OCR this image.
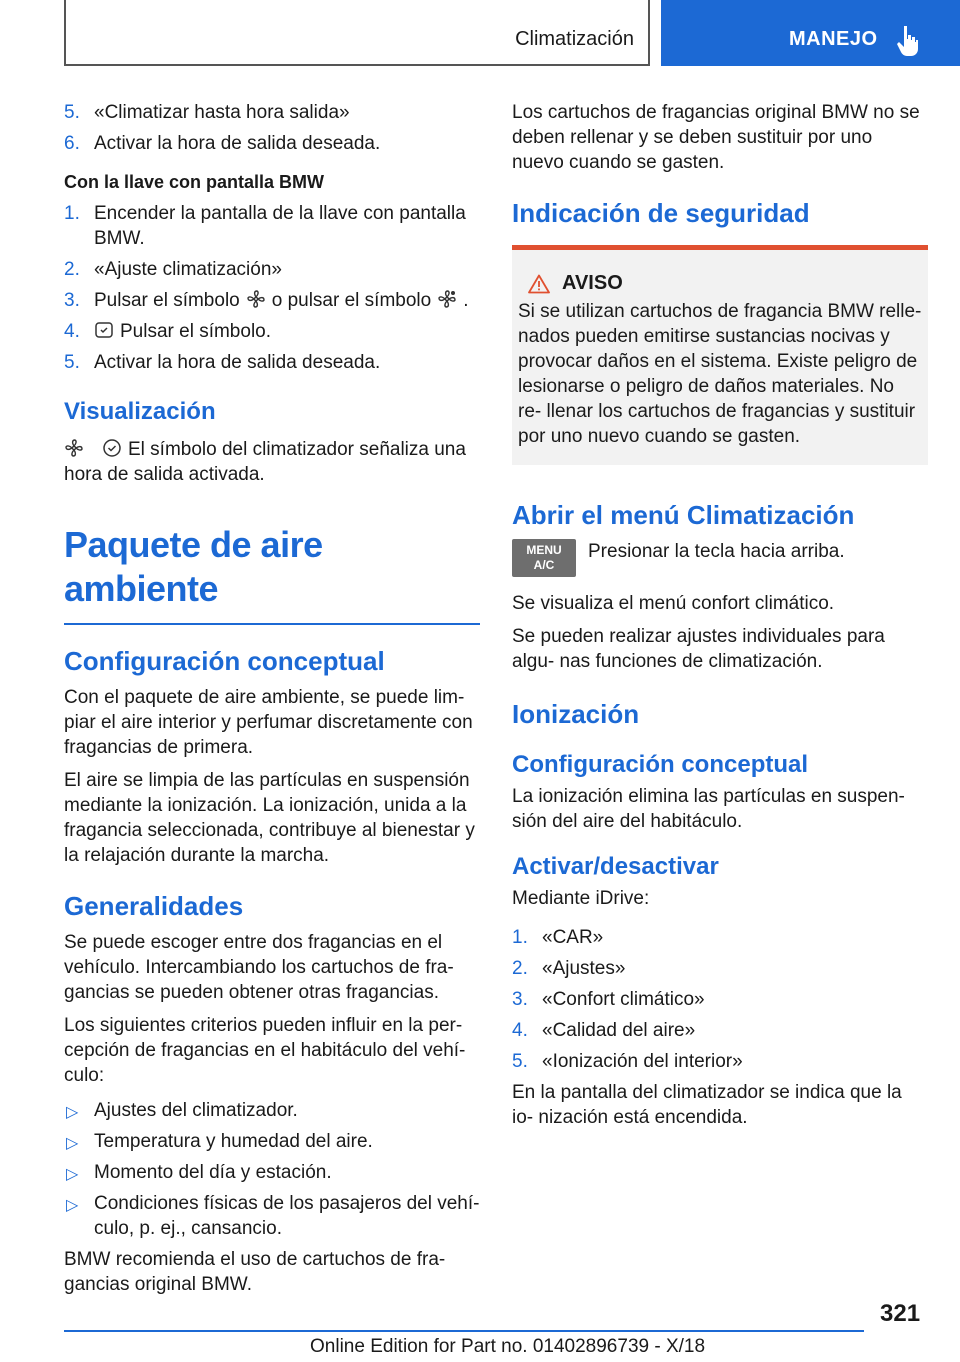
Climatización	MANEJO
5. «Climatizar hasta hora salida»
6. Activar la hora de salida deseada.

Con la llave con pantalla BMW

1. Encender la pantalla de la llave con pantalla BMW.
2. «Ajuste climatización»
3. Pulsar el símbolo o pulsar el símbolo .
4. Pulsar el símbolo.
5. Activar la hora de salida deseada.
Visualización

El símbolo del climatizador señaliza una hora de salida activada.

Paquete de aire ambiente
Configuración conceptual

Con el paquete de aire ambiente, se puede lim‐ piar el aire interior y perfumar discretamente con fragancias de primera.

El aire se limpia de las partículas en suspensión mediante la ionización. La ionización, unida a la fragancia seleccionada, contribuye al bienestar y la relajación durante la marcha.

Generalidades

Se puede escoger entre dos fragancias en el vehículo. Intercambiando los cartuchos de fra‐ gancias se pueden obtener otras fragancias.

Los siguientes criterios pueden influir en la per‐ cepción de fragancias en el habitáculo del vehí‐ culo:

▷ Ajustes del climatizador.
▷ Temperatura y humedad del aire.
▷ Momento del día y estación.
▷ Condiciones físicas de los pasajeros del vehí‐ culo, p. ej., cansancio.

BMW recomienda el uso de cartuchos de fra‐ gancias original BMW.

Los cartuchos de fragancias original BMW no se deben rellenar y se deben sustituir por uno nuevo cuando se gasten.

Indicación de seguridad
AVISO

Si se utilizan cartuchos de fragancia BMW relle‐ nados pueden emitirse sustancias nocivas y provocar daños en el sistema. Existe peligro de lesionarse o peligro de daños materiales. No re‐ llenar los cartuchos de fragancias y sustituir por uno nuevo cuando se gasten.

Abrir el menú Climatización
MENU
A/C

Presionar la tecla hacia arriba.

Se visualiza el menú confort climático.

Se pueden realizar ajustes individuales para algu‐ nas funciones de climatización.

Ionización
Configuración conceptual

La ionización elimina las partículas en suspen‐ sión del aire del habitáculo.

Activar/desactivar

Mediante iDrive:

1. «CAR»
2. «Ajustes»
3. «Confort climático»
4. «Calidad del aire»
5. «Ionización del interior»

En la pantalla del climatizador se indica que la io‐ nización está encendida.

321
Online Edition for Part no. 01402896739 - X/18
